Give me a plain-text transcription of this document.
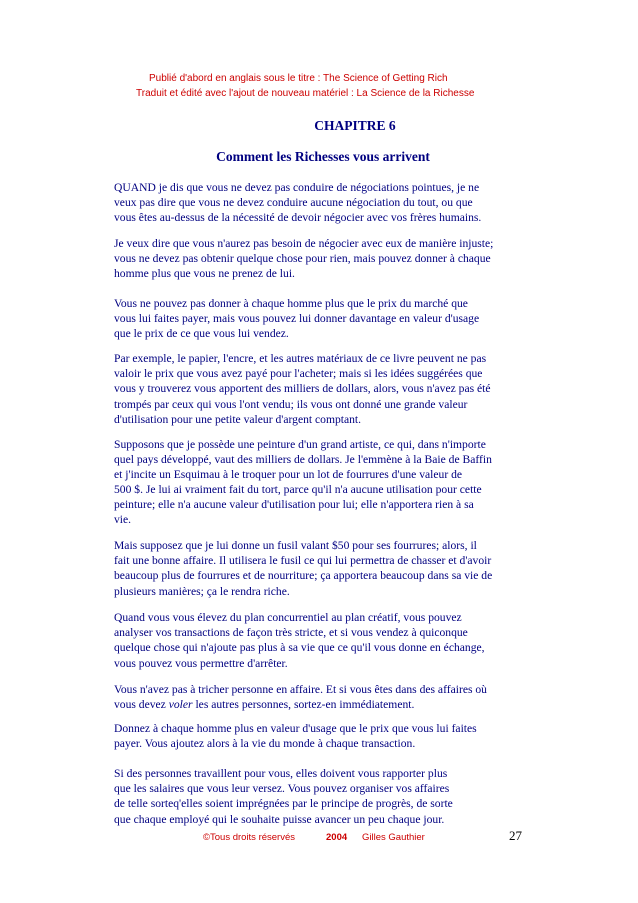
Publié d'abord en anglais sous le titre : The Science of Getting Rich
Traduit et édité avec l'ajout de nouveau matériel : La Science de la Richesse
CHAPITRE 6
Comment les Richesses vous arrivent
QUAND je dis que vous ne devez pas conduire de négociations pointues, je ne
veux pas dire que vous ne devez conduire aucune négociation du tout, ou que
vous êtes au-dessus de la nécessité de devoir négocier avec vos frères humains.
Je veux dire que vous n'aurez pas besoin de négocier avec eux de manière injuste;
vous ne devez pas obtenir quelque chose pour rien, mais pouvez donner à chaque
homme plus que vous ne prenez de lui.
Vous ne pouvez pas donner à chaque homme plus que le prix du marché que
vous lui faites payer, mais vous pouvez lui donner davantage en valeur d'usage
que le prix de ce que vous lui vendez.
Par exemple, le papier, l'encre, et les autres matériaux de ce livre peuvent ne pas
valoir le prix que vous avez payé pour l'acheter; mais si les idées suggérées que
vous y trouverez vous apportent des milliers de dollars, alors, vous n'avez pas été
trompés par ceux qui vous l'ont vendu; ils vous ont donné une grande valeur
d'utilisation pour une petite valeur d'argent comptant.
Supposons que je possède une peinture d'un grand artiste, ce qui, dans n'importe
quel pays développé, vaut des milliers de dollars. Je l'emmène à la Baie de Baffin
et j'incite un Esquimau à le troquer pour un lot de fourrures d'une valeur de
500 $. Je lui ai vraiment fait du tort, parce qu'il n'a aucune utilisation pour cette
peinture; elle n'a aucune valeur d'utilisation pour lui; elle n'apportera rien à sa
vie.
Mais supposez que je lui donne un fusil valant $50 pour ses fourrures; alors, il
fait une bonne affaire. Il utilisera le fusil ce qui lui permettra de chasser et d'avoir
beaucoup plus de fourrures et de nourriture; ça apportera beaucoup dans sa vie de
plusieurs manières; ça le rendra riche.
Quand vous vous élevez du plan concurrentiel au plan créatif, vous pouvez
analyser vos transactions de façon très stricte, et si vous vendez à quiconque
quelque chose qui n'ajoute pas plus à sa vie que ce qu'il vous donne en échange,
vous pouvez vous permettre d'arrêter.
Vous n'avez pas à tricher personne en affaire. Et si vous êtes dans des affaires où
vous devez voler les autres personnes, sortez-en immédiatement.
Donnez à chaque homme plus en valeur d'usage que le prix que vous lui faites
payer. Vous ajoutez alors à la vie du monde à chaque transaction.
Si des personnes travaillent pour vous, elles doivent vous rapporter plus
que les salaires que vous leur versez. Vous pouvez organiser vos affaires
de telle sorteq'elles soient imprégnées par le principe de progrès, de sorte
que chaque employé qui le souhaite puisse avancer un peu chaque jour.
©Tous droits réservés	2004 Gilles Gauthier	27
